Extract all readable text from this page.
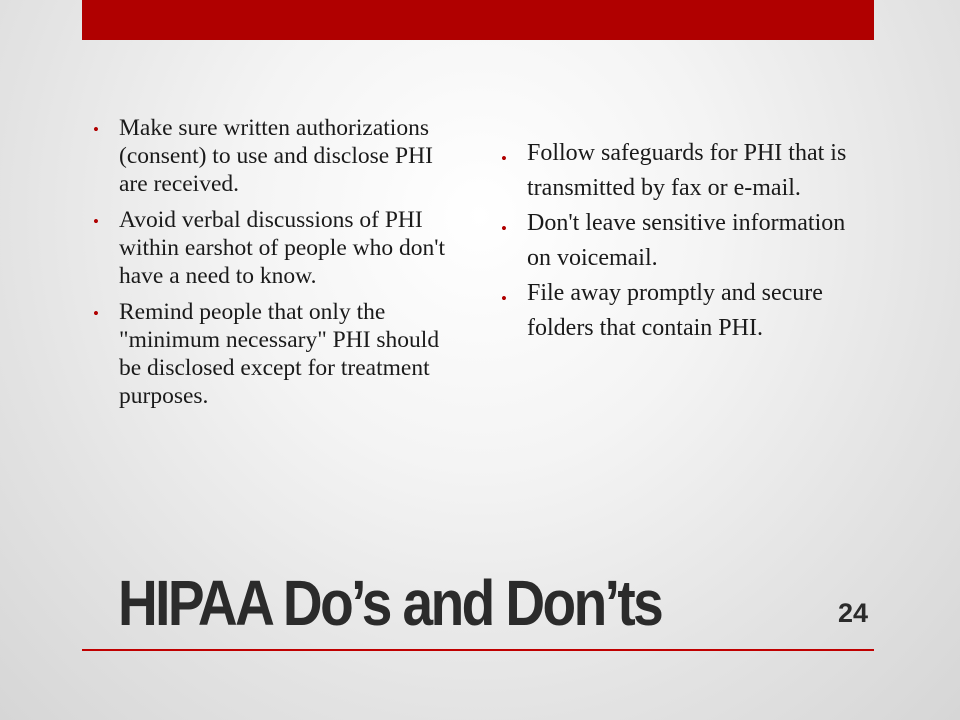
• Make sure written authorizations (consent) to use and disclose PHI are received.
• Avoid verbal discussions of PHI within earshot of people who don't have a need to know.
• Remind people that only the "minimum necessary" PHI should be disclosed except for treatment purposes.
• Follow safeguards for PHI that is transmitted by fax or e-mail.
• Don't leave sensitive information on voicemail.
• File away promptly and secure folders that contain PHI.
HIPAA Do’s and Don’ts	24
